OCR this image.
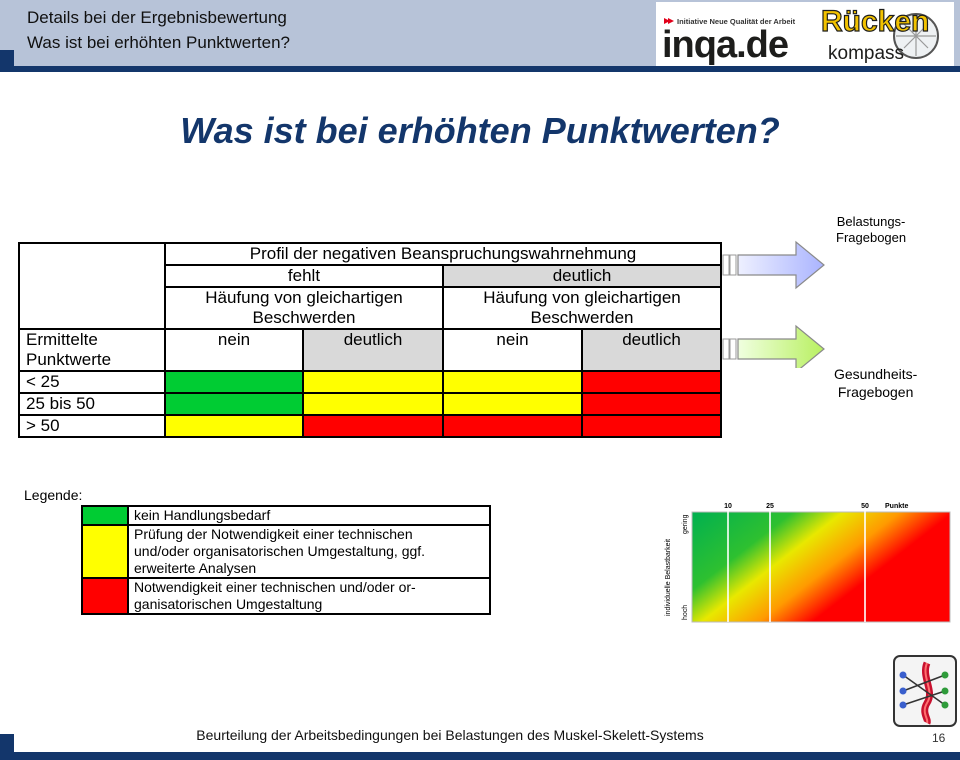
Details bei der Ergebnisbewertung
Was ist bei erhöhten Punktwerten?
Initiative Neue Qualität der Arbeit
inqa.de
Rücken
kompass
Was ist bei erhöhten Punktwerten?
	Profil der negativen Beanspruchungswahrnehmung			
	fehlt		deutlich	
	Häufung von gleichartigen
Beschwerden		Häufung von gleichartigen
Beschwerden	
Ermittelte
Punktwerte	nein	deutlich	nein	deutlich
< 25				
25 bis 50				
> 50				
Belastungs-
Fragebogen
Gesundheits-
Fragebogen
Legende:
	kein Handlungsbedarf
	Prüfung der Notwendigkeit einer technischen
und/oder organisatorischen Umgestaltung, ggf.
erweiterte Analysen
	Notwendigkeit einer technischen und/oder or-
ganisatorischen Umgestaltung
10	25	50 Punkte
individuelle Belastbarkeit
gering
hoch
Beurteilung der Arbeitsbedingungen bei Belastungen des Muskel-Skelett-Systems	16
